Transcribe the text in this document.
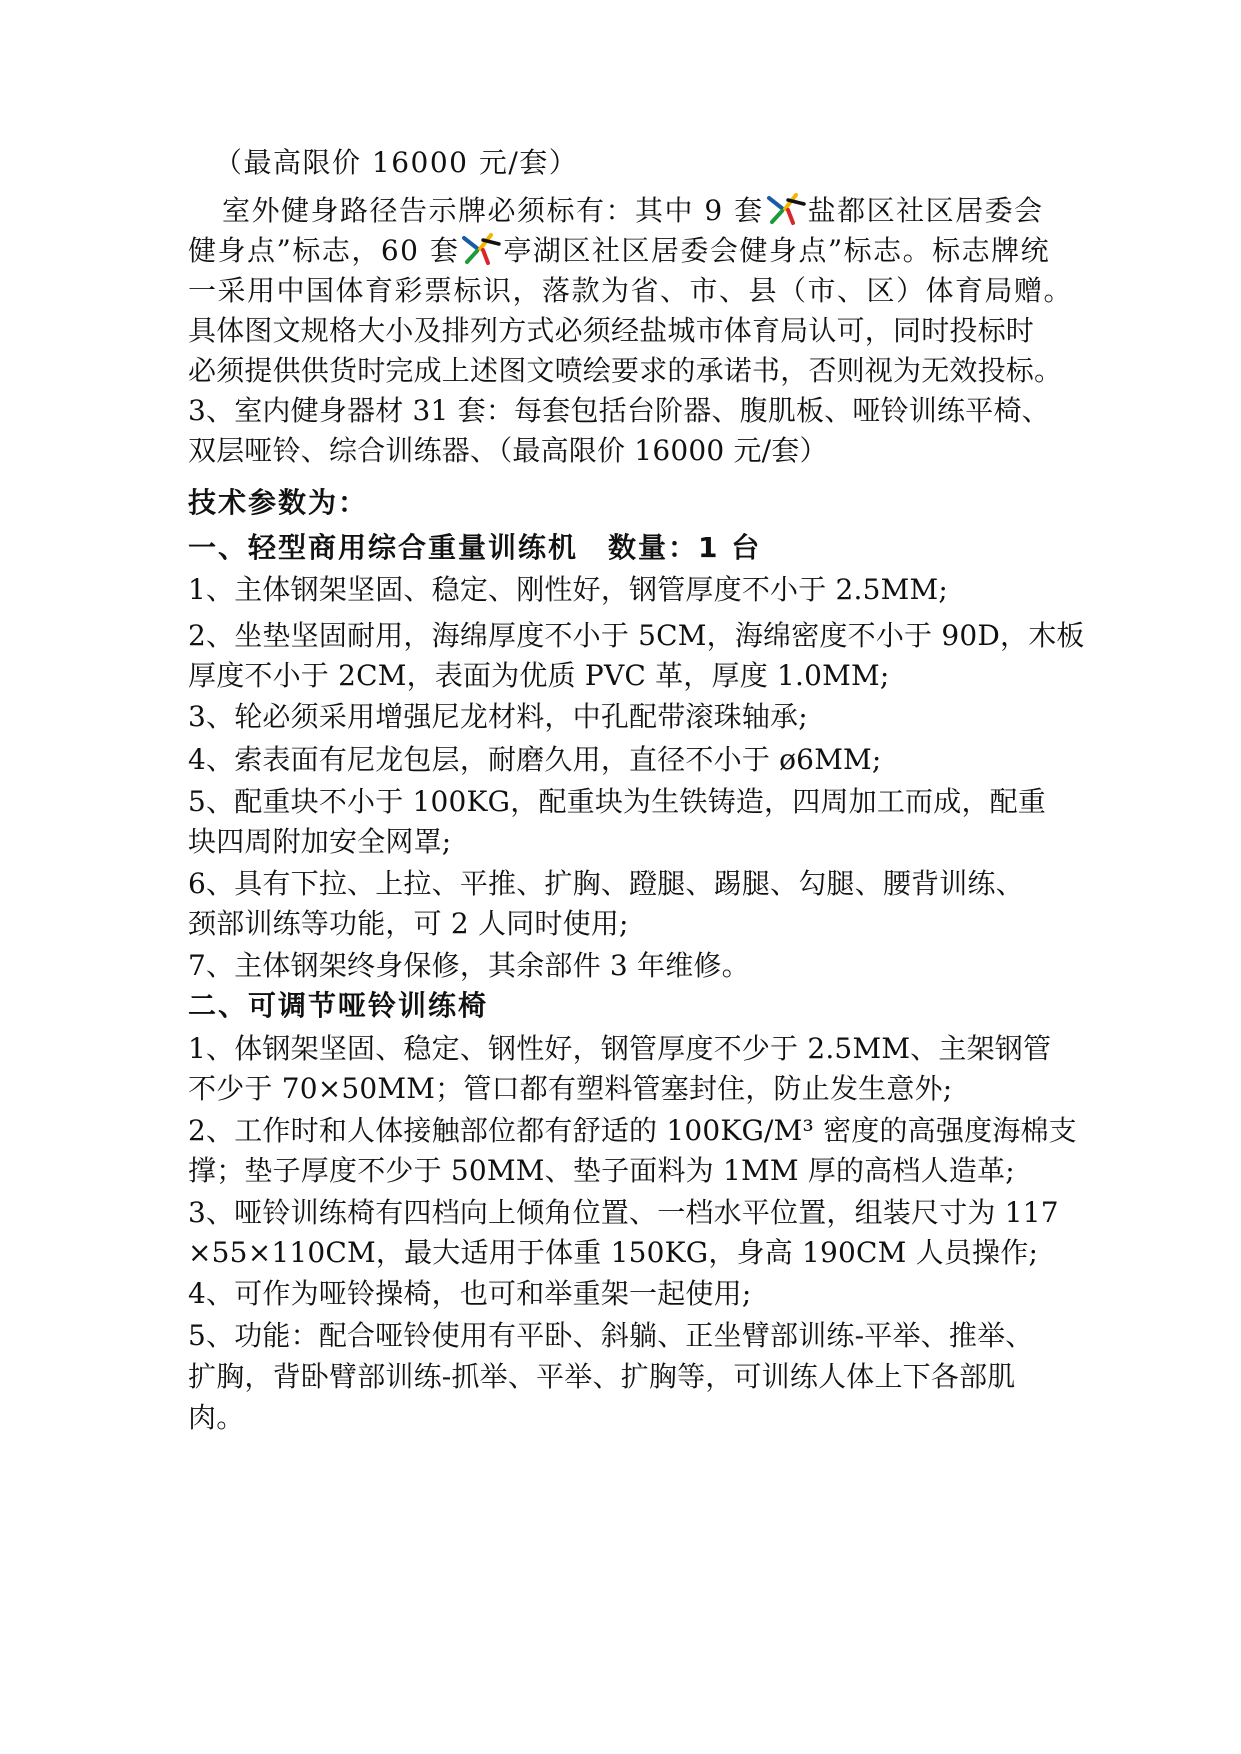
（最高限价 16000 元/套）
室外健身路径告示牌必须标有：其中 9 套 盐都区社区居委会
健身点”标志，60 套 亭湖区社区居委会健身点”标志。标志牌统
一采用中国体育彩票标识，落款为省、市、县（市、区）体育局赠。
具体图文规格大小及排列方式必须经盐城市体育局认可，同时投标时
必须提供供货时完成上述图文喷绘要求的承诺书，否则视为无效投标。
3、室内健身器材 31 套：每套包括台阶器、腹肌板、哑铃训练平椅、
双层哑铃、综合训练器、（最高限价 16000 元/套）
技术参数为：
一、轻型商用综合重量训练机　数量：1 台
1、主体钢架坚固、稳定、刚性好，钢管厚度不小于 2.5MM;
2、坐垫坚固耐用，海绵厚度不小于 5CM，海绵密度不小于 90D，木板
厚度不小于 2CM，表面为优质 PVC 革，厚度 1.0MM;
3、轮必须采用增强尼龙材料，中孔配带滚珠轴承;
4、索表面有尼龙包层，耐磨久用，直径不小于 ø6MM;
5、配重块不小于 100KG，配重块为生铁铸造，四周加工而成，配重
块四周附加安全网罩;
6、具有下拉、上拉、平推、扩胸、蹬腿、踢腿、勾腿、腰背训练、
颈部训练等功能，可 2 人同时使用;
7、主体钢架终身保修，其余部件 3 年维修。
二、可调节哑铃训练椅
1、体钢架坚固、稳定、钢性好，钢管厚度不少于 2.5MM、主架钢管
不少于 70×50MM；管口都有塑料管塞封住，防止发生意外;
2、工作时和人体接触部位都有舒适的 100KG/M³ 密度的高强度海棉支
撑；垫子厚度不少于 50MM、垫子面料为 1MM 厚的高档人造革;
3、哑铃训练椅有四档向上倾角位置、一档水平位置，组装尺寸为 117
×55×110CM，最大适用于体重 150KG，身高 190CM 人员操作;
4、可作为哑铃操椅，也可和举重架一起使用;
5、功能：配合哑铃使用有平卧、斜躺、正坐臂部训练-平举、推举、
扩胸，背卧臂部训练-抓举、平举、扩胸等，可训练人体上下各部肌
肉。
